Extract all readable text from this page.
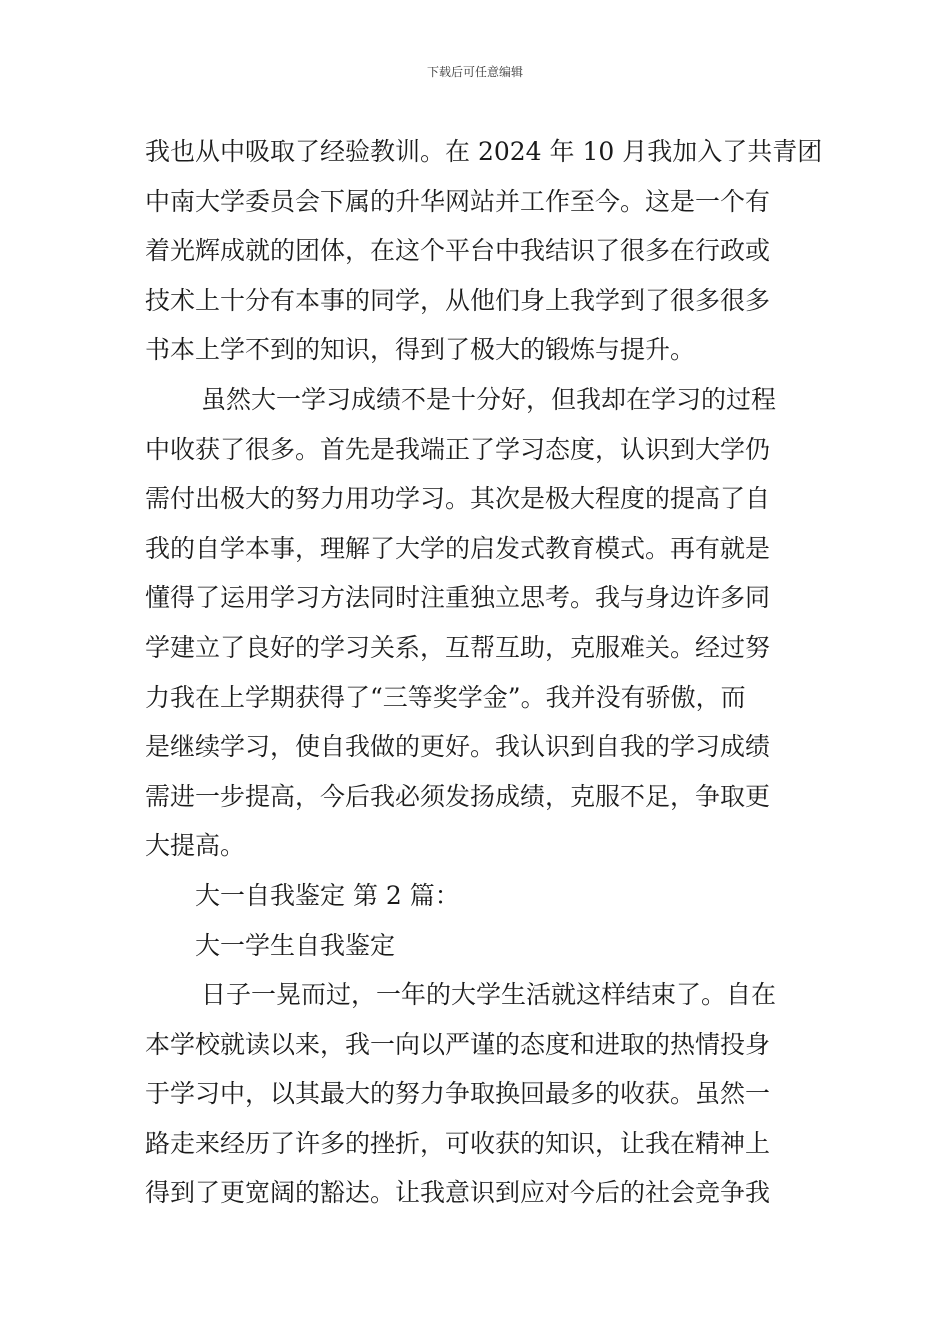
下载后可任意编辑
我也从中吸取了经验教训。在 2024 年 10 月我加入了共青团
中南大学委员会下属的升华网站并工作至今。这是一个有
着光辉成就的团体，在这个平台中我结识了很多在行政或
技术上十分有本事的同学，从他们身上我学到了很多很多
书本上学不到的知识，得到了极大的锻炼与提升。
虽然大一学习成绩不是十分好，但我却在学习的过程
中收获了很多。首先是我端正了学习态度，认识到大学仍
需付出极大的努力用功学习。其次是极大程度的提高了自
我的自学本事，理解了大学的启发式教育模式。再有就是
懂得了运用学习方法同时注重独立思考。我与身边许多同
学建立了良好的学习关系，互帮互助，克服难关。经过努
力我在上学期获得了“三等奖学金”。我并没有骄傲，而
是继续学习，使自我做的更好。我认识到自我的学习成绩
需进一步提高，今后我必须发扬成绩，克服不足，争取更
大提高。
大一自我鉴定 第 2 篇：
大一学生自我鉴定
日子一晃而过，一年的大学生活就这样结束了。自在
本学校就读以来，我一向以严谨的态度和进取的热情投身
于学习中，以其最大的努力争取换回最多的收获。虽然一
路走来经历了许多的挫折，可收获的知识，让我在精神上
得到了更宽阔的豁达。让我意识到应对今后的社会竞争我
